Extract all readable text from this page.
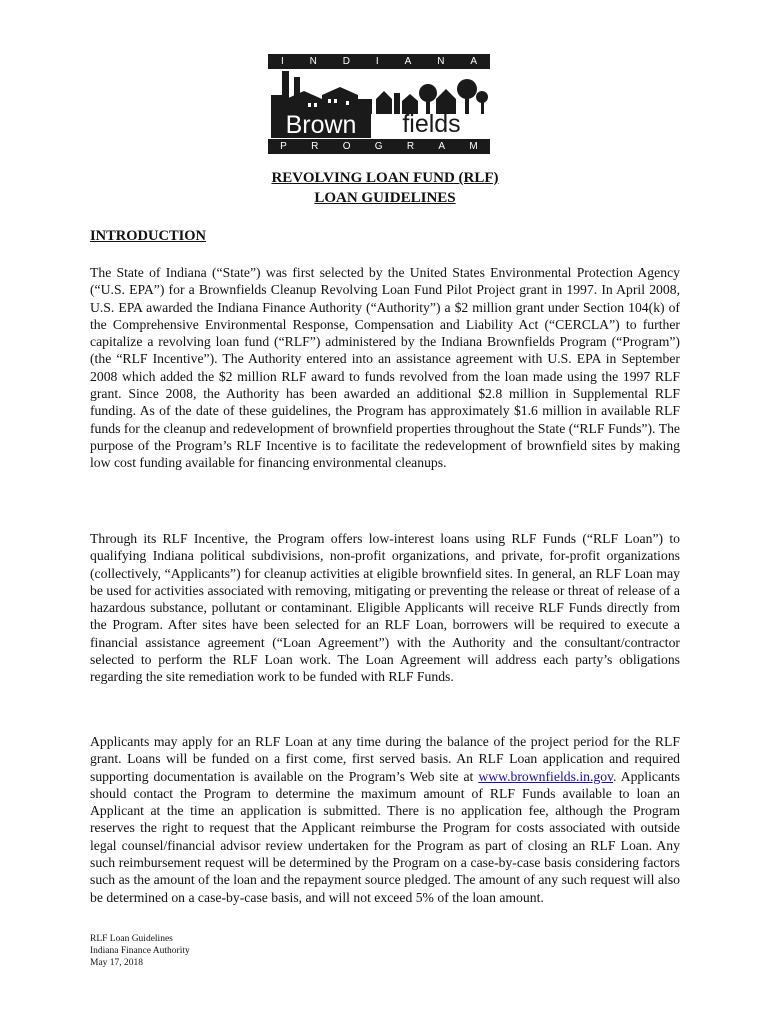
I	N	D	I	A	N	A
Brown	fields
P R O G R A M
REVOLVING LOAN FUND (RLF)
LOAN GUIDELINES
INTRODUCTION

The State of Indiana (“State”) was first selected by the United States Environmental Protection Agency (“U.S. EPA”) for a Brownfields Cleanup Revolving Loan Fund Pilot Project grant in 1997. In April 2008, U.S. EPA awarded the Indiana Finance Authority (“Authority”) a $2 million grant under Section 104(k) of the Comprehensive Environmental Response, Compensation and Liability Act (“CERCLA”) to further capitalize a revolving loan fund (“RLF”) administered by the Indiana Brownfields Program (“Program”) (the “RLF Incentive”). The Authority entered into an assistance agreement with U.S. EPA in September 2008 which added the $2 million RLF award to funds revolved from the loan made using the 1997 RLF grant. Since 2008, the Authority has been awarded an additional $2.8 million in Supplemental RLF funding. As of the date of these guidelines, the Program has approximately $1.6 million in available RLF funds for the cleanup and redevelopment of brownfield properties throughout the State (“RLF Funds”). The purpose of the Program’s RLF Incentive is to facilitate the redevelopment of brownfield sites by making low cost funding available for financing environmental cleanups.

Through its RLF Incentive, the Program offers low-interest loans using RLF Funds (“RLF Loan”) to qualifying Indiana political subdivisions, non-profit organizations, and private, for-profit organizations (collectively, “Applicants”) for cleanup activities at eligible brownfield sites. In general, an RLF Loan may be used for activities associated with removing, mitigating or preventing the release or threat of release of a hazardous substance, pollutant or contaminant. Eligible Applicants will receive RLF Funds directly from the Program. After sites have been selected for an RLF Loan, borrowers will be required to execute a financial assistance agreement (“Loan Agreement”) with the Authority and the consultant/contractor selected to perform the RLF Loan work. The Loan Agreement will address each party’s obligations regarding the site remediation work to be funded with RLF Funds.

Applicants may apply for an RLF Loan at any time during the balance of the project period for the RLF grant. Loans will be funded on a first come, first served basis. An RLF Loan application and required supporting documentation is available on the Program’s Web site at www.brownfields.in.gov. Applicants should contact the Program to determine the maximum amount of RLF Funds available to loan an Applicant at the time an application is submitted. There is no application fee, although the Program reserves the right to request that the Applicant reimburse the Program for costs associated with outside legal counsel/financial advisor review undertaken for the Program as part of closing an RLF Loan. Any such reimbursement request will be determined by the Program on a case-by-case basis considering factors such as the amount of the loan and the repayment source pledged. The amount of any such request will also be determined on a case-by-case basis, and will not exceed 5% of the loan amount.

RLF Loan Guidelines
Indiana Finance Authority
May 17, 2018
